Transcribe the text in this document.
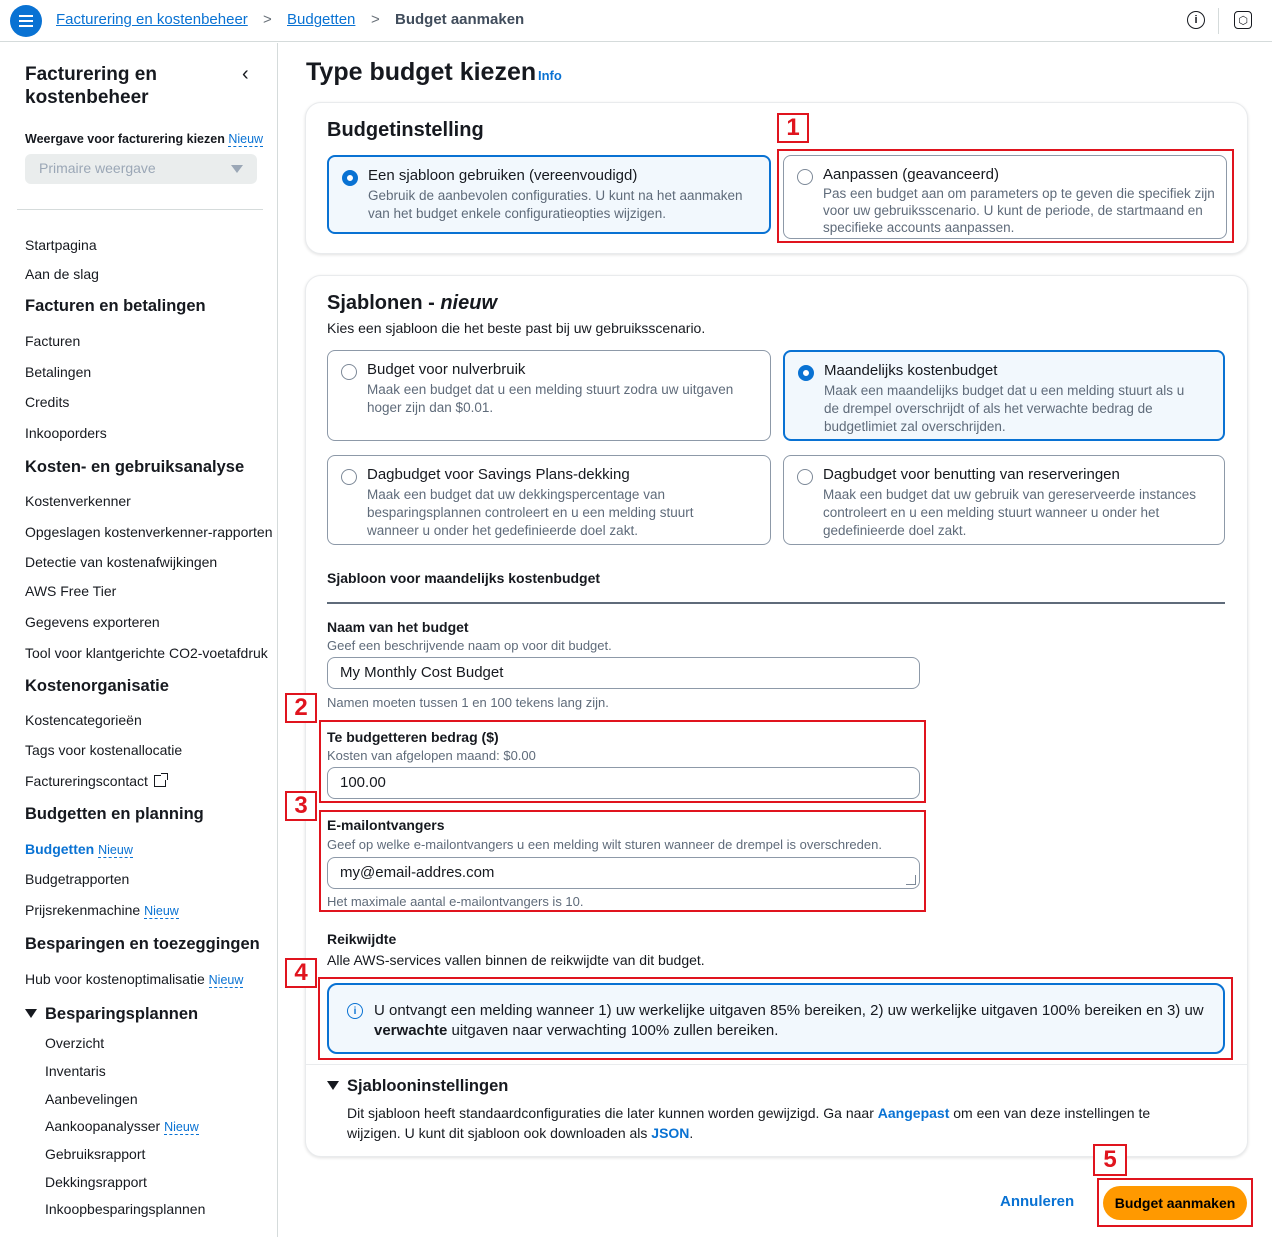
Facturering en kostenbeheer > Budgetten > Budget aanmaken	i	⬡
Facturering en kostenbeheer
‹
Weergave voor facturering kiezen Nieuw
Primaire weergave
Startpagina
Aan de slag
Facturen en betalingen
Facturen
Betalingen
Credits
Inkooporders
Kosten- en gebruiksanalyse
Kostenverkenner
Opgeslagen kostenverkenner-rapporten
Detectie van kostenafwijkingen
AWS Free Tier
Gegevens exporteren
Tool voor klantgerichte CO2-voetafdruk
Kostenorganisatie
Kostencategorieën
Tags voor kostenallocatie
Factureringscontact
Budgetten en planning
Budgetten Nieuw
Budgetrapporten
Prijsrekenmachine Nieuw
Besparingen en toezeggingen
Hub voor kostenoptimalisatie Nieuw
Besparingsplannen
Overzicht
Inventaris
Aanbevelingen
Aankoopanalysser Nieuw
Gebruiksrapport
Dekkingsrapport
Inkoopbesparingsplannen
Type budget kiezen Info
Budgetinstelling
Een sjabloon gebruiken (vereenvoudigd)
Gebruik de aanbevolen configuraties. U kunt na het aanmaken van het budget enkele configuratieopties wijzigen.
Aanpassen (geavanceerd)
Pas een budget aan om parameters op te geven die specifiek zijn voor uw gebruiksscenario. U kunt de periode, de startmaand en specifieke accounts aanpassen.
Sjablonen - nieuw
Kies een sjabloon die het beste past bij uw gebruiksscenario.
Budget voor nulverbruik
Maak een budget dat u een melding stuurt zodra uw uitgaven hoger zijn dan $0.01.
Maandelijks kostenbudget
Maak een maandelijks budget dat u een melding stuurt als u de drempel overschrijdt of als het verwachte bedrag de budgetlimiet zal overschrijden.
Dagbudget voor Savings Plans-dekking
Maak een budget dat uw dekkingspercentage van besparingsplannen controleert en u een melding stuurt wanneer u onder het gedefinieerde doel zakt.
Dagbudget voor benutting van reserveringen
Maak een budget dat uw gebruik van gereserveerde instances controleert en u een melding stuurt wanneer u onder het gedefinieerde doel zakt.
Sjabloon voor maandelijks kostenbudget
Naam van het budget
Geef een beschrijvende naam op voor dit budget.
My Monthly Cost Budget
Namen moeten tussen 1 en 100 tekens lang zijn.
Te budgetteren bedrag ($)
Kosten van afgelopen maand: $0.00
100.00
E-mailontvangers
Geef op welke e-mailontvangers u een melding wilt sturen wanneer de drempel is overschreden.
my@email-addres.com
Het maximale aantal e-mailontvangers is 10.
Reikwijdte
Alle AWS-services vallen binnen de reikwijdte van dit budget.
i	U ontvangt een melding wanneer 1) uw werkelijke uitgaven 85% bereiken, 2) uw werkelijke uitgaven 100% bereiken en 3) uw verwachte uitgaven naar verwachting 100% zullen bereiken.
Sjablooninstellingen
Dit sjabloon heeft standaardconfiguraties die later kunnen worden gewijzigd. Ga naar Aangepast om een van deze instellingen te wijzigen. U kunt dit sjabloon ook downloaden als JSON.
Annuleren	Budget aanmaken
1
2
3
4
5
